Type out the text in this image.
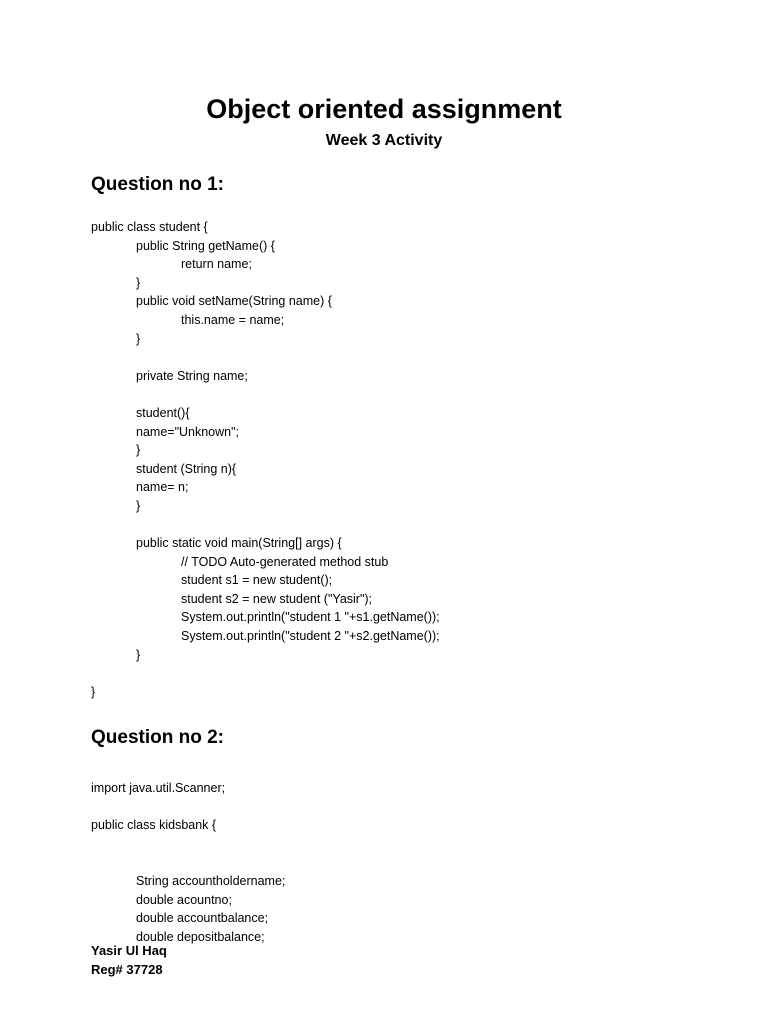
Object oriented assignment
Week 3 Activity
Question no 1:
public class student {
public String getName() {
return name;
}
public void setName(String name) {
this.name = name;
}
private String name;
student(){
name="Unknown";
}
student (String n){
name= n;
}
public static void main(String[] args) {
// TODO Auto-generated method stub
student s1 = new student();
student s2 = new student ("Yasir");
System.out.println("student 1 "+s1.getName());
System.out.println("student 2 "+s2.getName());
}
}
Question no 2:
import java.util.Scanner;
public class kidsbank {
String accountholdername;
double acountno;
double accountbalance;
double depositbalance;
Yasir Ul Haq
Reg# 37728
